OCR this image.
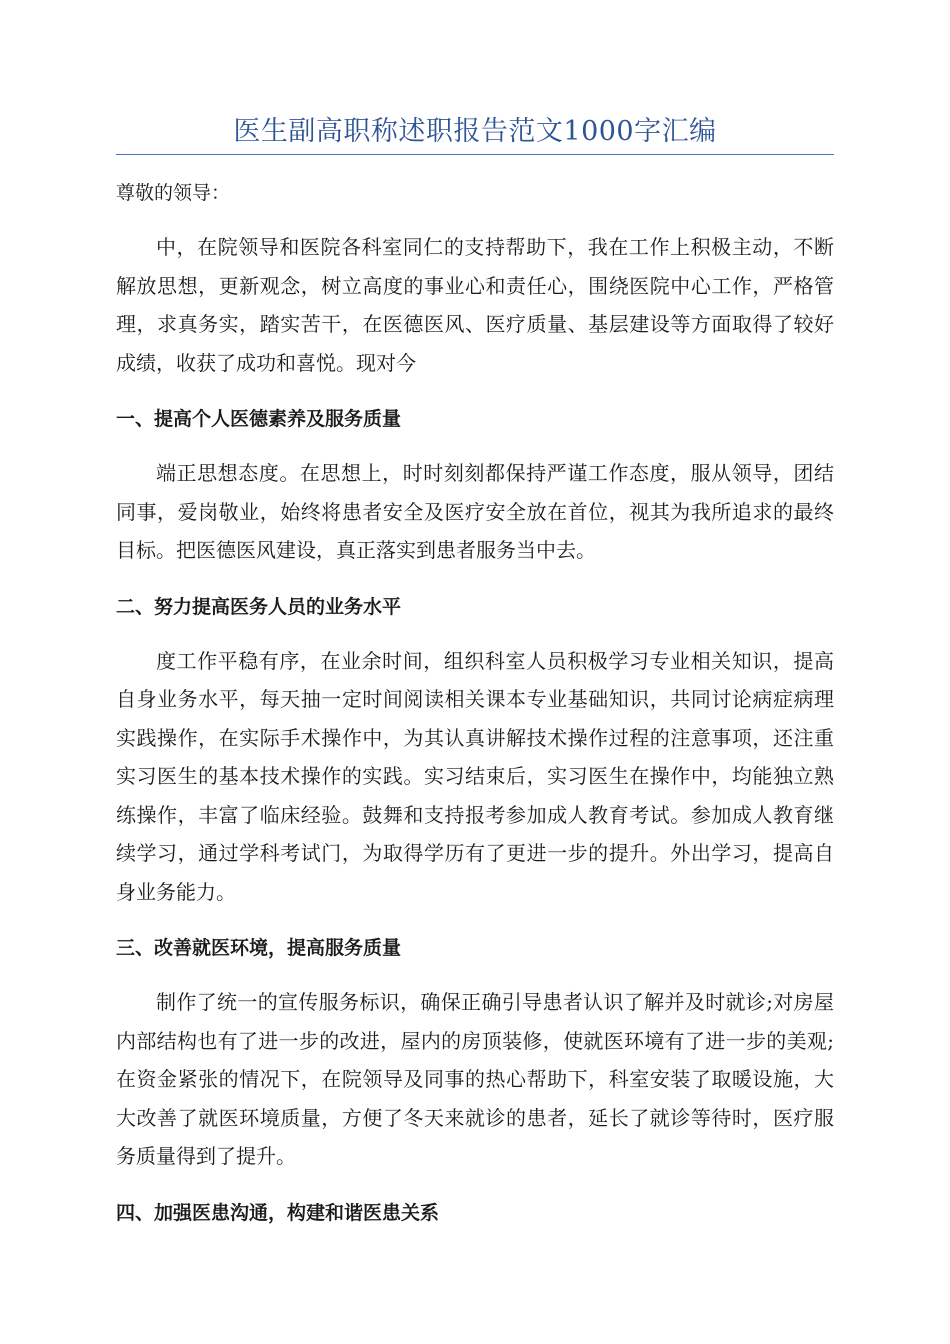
医生副高职称述职报告范文1000字汇编
尊敬的领导：
中，在院领导和医院各科室同仁的支持帮助下，我在工作上积极主动，不断解放思想，更新观念，树立高度的事业心和责任心，围绕医院中心工作，严格管理，求真务实，踏实苦干，在医德医风、医疗质量、基层建设等方面取得了较好成绩，收获了成功和喜悦。现对今
一、提高个人医德素养及服务质量
端正思想态度。在思想上，时时刻刻都保持严谨工作态度，服从领导，团结同事，爱岗敬业，始终将患者安全及医疗安全放在首位，视其为我所追求的最终目标。把医德医风建设，真正落实到患者服务当中去。
二、努力提高医务人员的业务水平
度工作平稳有序，在业余时间，组织科室人员积极学习专业相关知识，提高自身业务水平，每天抽一定时间阅读相关课本专业基础知识，共同讨论病症病理实践操作，在实际手术操作中，为其认真讲解技术操作过程的注意事项，还注重实习医生的基本技术操作的实践。实习结束后，实习医生在操作中，均能独立熟练操作，丰富了临床经验。鼓舞和支持报考参加成人教育考试。参加成人教育继续学习，通过学科考试门，为取得学历有了更进一步的提升。外出学习，提高自身业务能力。
三、改善就医环境，提高服务质量
制作了统一的宣传服务标识，确保正确引导患者认识了解并及时就诊;对房屋内部结构也有了进一步的改进，屋内的房顶装修，使就医环境有了进一步的美观;在资金紧张的情况下，在院领导及同事的热心帮助下，科室安装了取暖设施，大大改善了就医环境质量，方便了冬天来就诊的患者，延长了就诊等待时，医疗服务质量得到了提升。
四、加强医患沟通，构建和谐医患关系
